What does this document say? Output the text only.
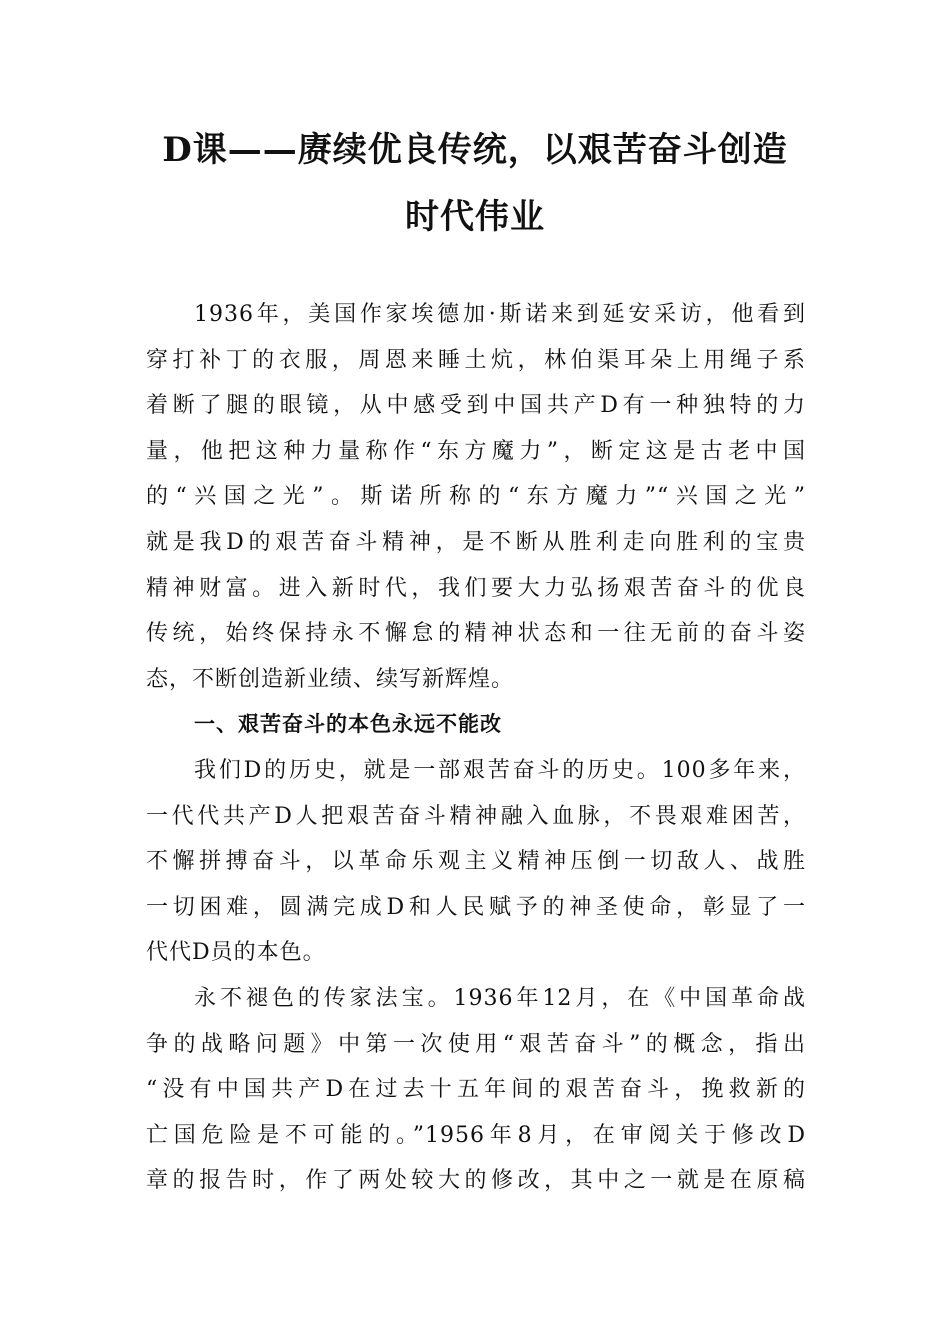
D课——赓续优良传统，以艰苦奋斗创造
时代伟业
1936年，美国作家埃德加·斯诺来到延安采访，他看到
穿打补丁的衣服，周恩来睡土炕，林伯渠耳朵上用绳子系
着断了腿的眼镜，从中感受到中国共产D有一种独特的力
量，他把这种力量称作“东方魔力”，断定这是古老中国
的“兴国之光”。斯诺所称的“东方魔力”“兴国之光”
就是我D的艰苦奋斗精神，是不断从胜利走向胜利的宝贵
精神财富。进入新时代，我们要大力弘扬艰苦奋斗的优良
传统，始终保持永不懈怠的精神状态和一往无前的奋斗姿
态，不断创造新业绩、续写新辉煌。
一、艰苦奋斗的本色永远不能改
我们D的历史，就是一部艰苦奋斗的历史。100多年来，
一代代共产D人把艰苦奋斗精神融入血脉，不畏艰难困苦，
不懈拼搏奋斗，以革命乐观主义精神压倒一切敌人、战胜
一切困难，圆满完成D和人民赋予的神圣使命，彰显了一
代代D员的本色。
永不褪色的传家法宝。1936年12月，在《中国革命战
争的战略问题》中第一次使用“艰苦奋斗”的概念，指出
“没有中国共产D在过去十五年间的艰苦奋斗，挽救新的
亡国危险是不可能的。”1956年8月，在审阅关于修改D
章的报告时，作了两处较大的修改，其中之一就是在原稿
